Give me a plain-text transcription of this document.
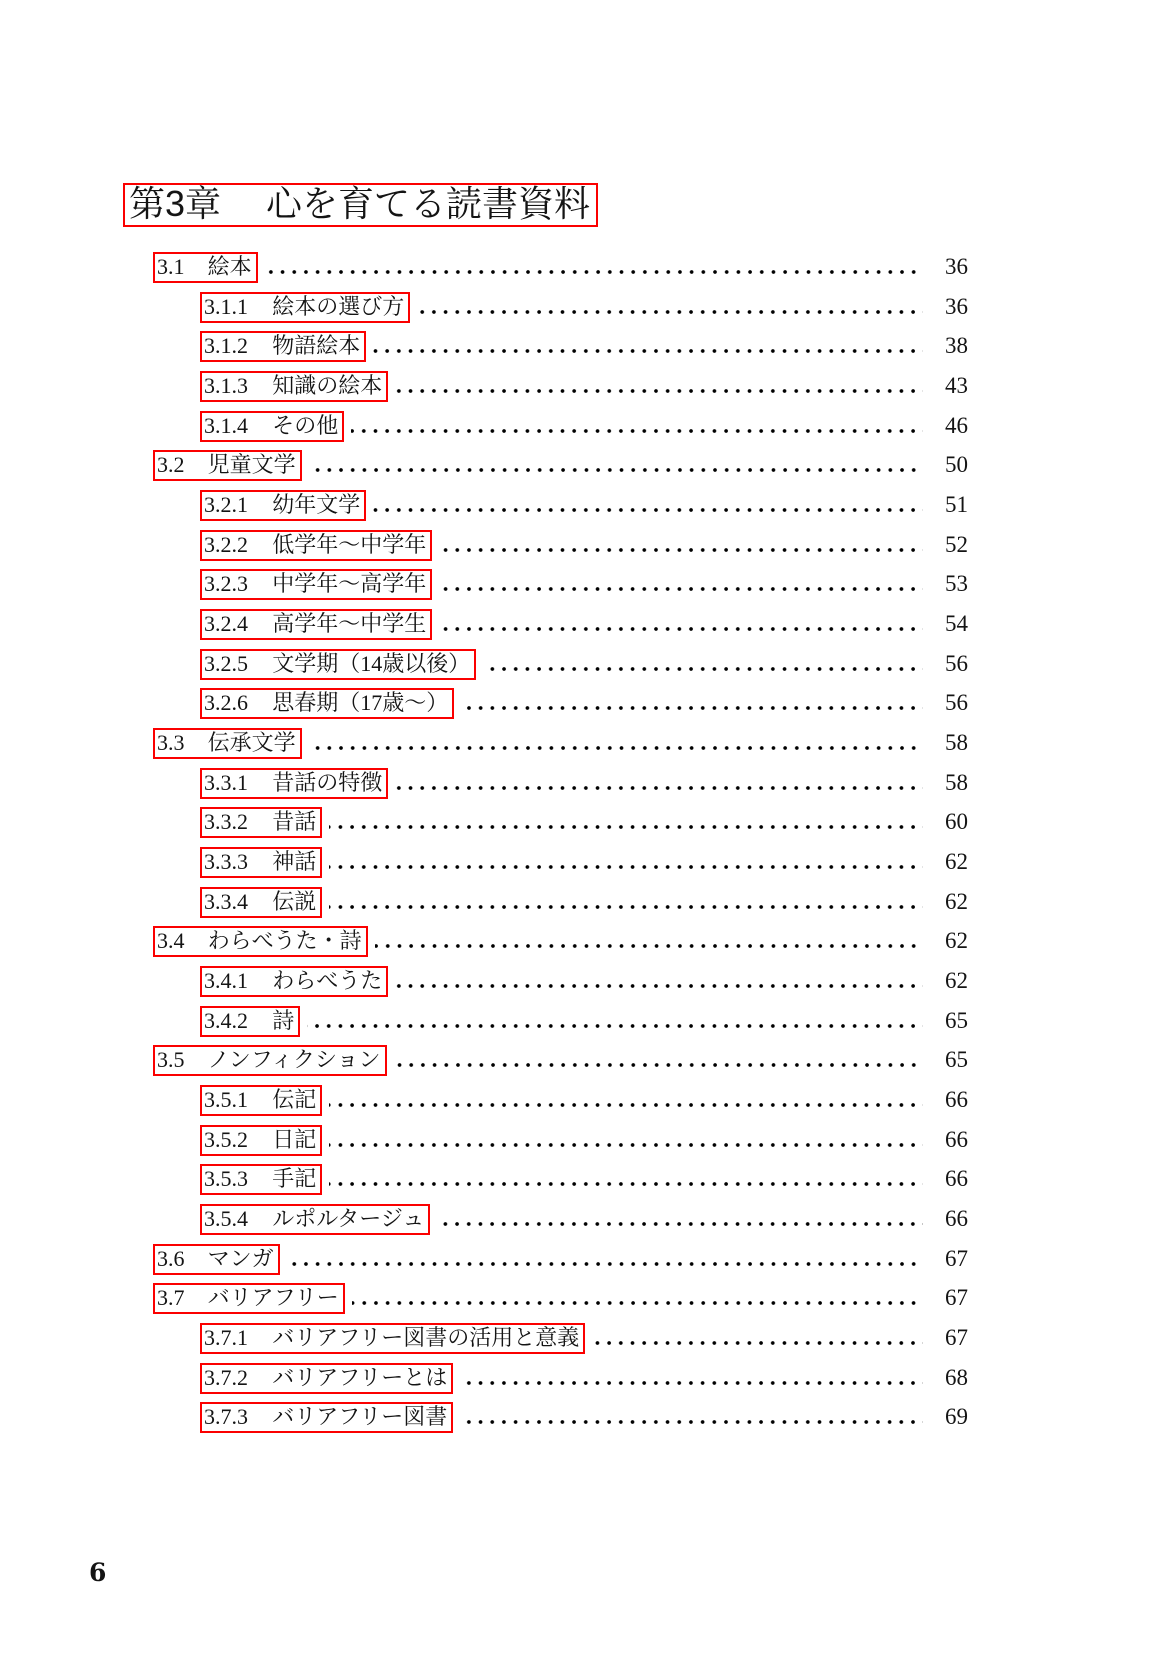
第3章 心を育てる読書資料
3.1	絵本	36
3.1.1	絵本の選び方	36
3.1.2	物語絵本	38
3.1.3	知識の絵本	43
3.1.4	その他	46
3.2	児童文学	50
3.2.1	幼年文学	51
3.2.2	低学年～中学年	52
3.2.3	中学年～高学年	53
3.2.4	高学年～中学生	54
3.2.5	文学期（14歳以後）	56
3.2.6	思春期（17歳～）	56
3.3	伝承文学	58
3.3.1	昔話の特徴	58
3.3.2	昔話	60
3.3.3	神話	62
3.3.4	伝説	62
3.4	わらべうた・詩	62
3.4.1	わらべうた	62
3.4.2	詩	65
3.5	ノンフィクション	65
3.5.1	伝記	66
3.5.2	日記	66
3.5.3	手記	66
3.5.4	ルポルタージュ	66
3.6	マンガ	67
3.7	バリアフリー	67
3.7.1	バリアフリー図書の活用と意義	67
3.7.2	バリアフリーとは	68
3.7.3	バリアフリー図書	69
6
